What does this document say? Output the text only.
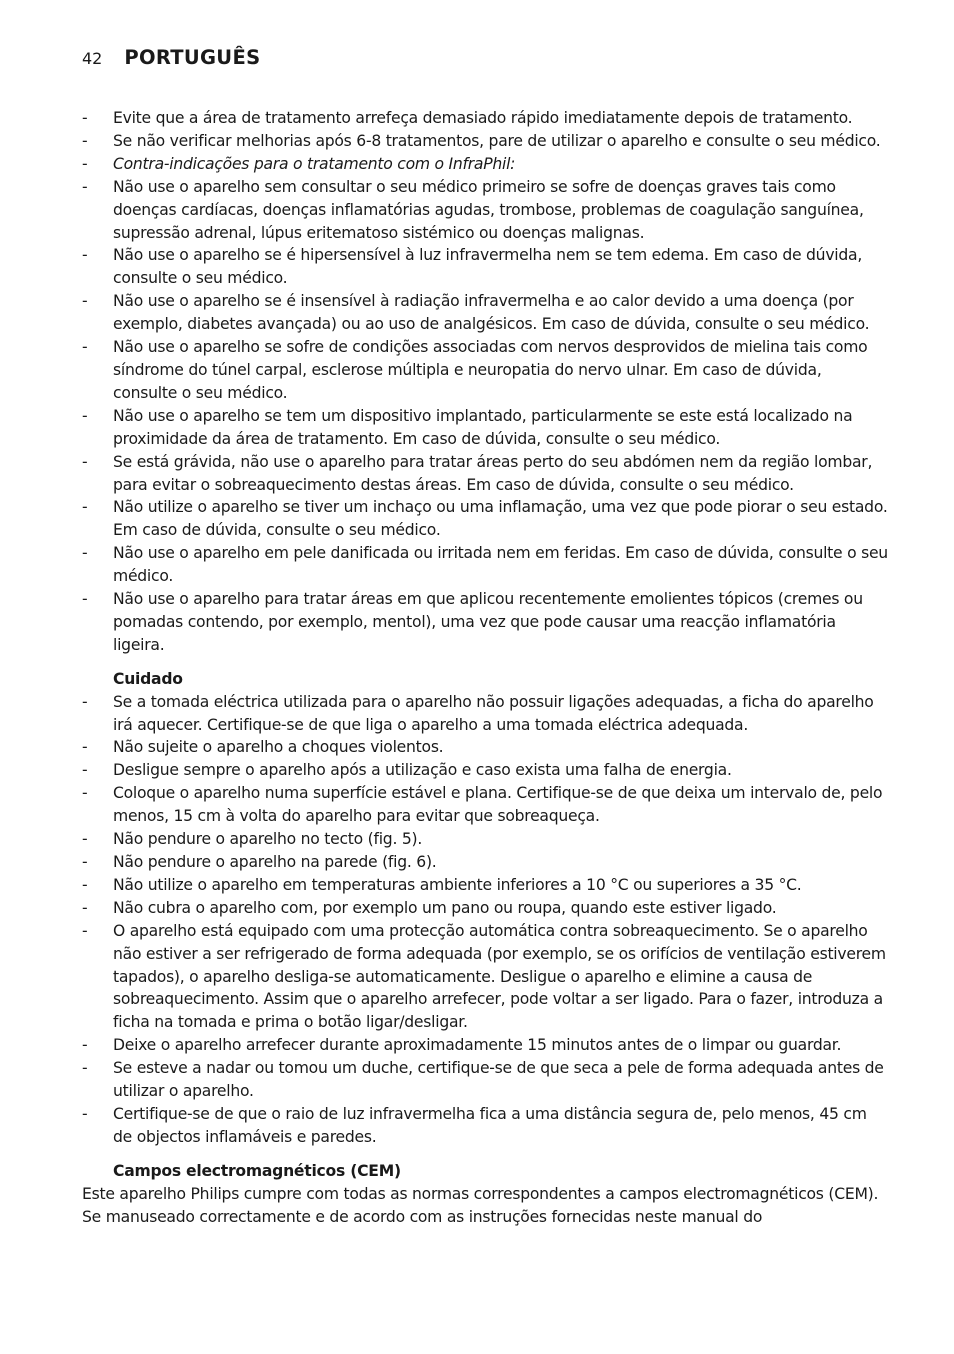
42 PORTUGUÊS
- Evite que a área de tratamento arrefeça demasiado rápido imediatamente depois de tratamento.
- Se não verificar melhorias após 6-8 tratamentos, pare de utilizar o aparelho e consulte o seu médico.
- Contra-indicações para o tratamento com o InfraPhil:
- Não use o aparelho sem consultar o seu médico primeiro se sofre de doenças graves tais como doenças cardíacas, doenças inflamatórias agudas, trombose, problemas de coagulação sanguínea, supressão adrenal, lúpus eritematoso sistémico ou doenças malignas.
- Não use o aparelho se é hipersensível à luz infravermelha nem se tem edema. Em caso de dúvida, consulte o seu médico.
- Não use o aparelho se é insensível à radiação infravermelha e ao calor devido a uma doença (por exemplo, diabetes avançada) ou ao uso de analgésicos. Em caso de dúvida, consulte o seu médico.
- Não use o aparelho se sofre de condições associadas com nervos desprovidos de mielina tais como síndrome do túnel carpal, esclerose múltipla e neuropatia do nervo ulnar. Em caso de dúvida, consulte o seu médico.
- Não use o aparelho se tem um dispositivo implantado, particularmente se este está localizado na proximidade da área de tratamento. Em caso de dúvida, consulte o seu médico.
- Se está grávida, não use o aparelho para tratar áreas perto do seu abdómen nem da região lombar, para evitar o sobreaquecimento destas áreas. Em caso de dúvida, consulte o seu médico.
- Não utilize o aparelho se tiver um inchaço ou uma inflamação, uma vez que pode piorar o seu estado. Em caso de dúvida, consulte o seu médico.
- Não use o aparelho em pele danificada ou irritada nem em feridas. Em caso de dúvida, consulte o seu médico.
- Não use o aparelho para tratar áreas em que aplicou recentemente emolientes tópicos (cremes ou pomadas contendo, por exemplo, mentol), uma vez que pode causar uma reacção inflamatória ligeira.
Cuidado
- Se a tomada eléctrica utilizada para o aparelho não possuir ligações adequadas, a ficha do aparelho irá aquecer. Certifique-se de que liga o aparelho a uma tomada eléctrica adequada.
- Não sujeite o aparelho a choques violentos.
- Desligue sempre o aparelho após a utilização e caso exista uma falha de energia.
- Coloque o aparelho numa superfície estável e plana. Certifique-se de que deixa um intervalo de, pelo menos, 15 cm à volta do aparelho para evitar que sobreaqueça.
- Não pendure o aparelho no tecto (fig. 5).
- Não pendure o aparelho na parede (fig. 6).
- Não utilize o aparelho em temperaturas ambiente inferiores a 10 °C ou superiores a 35 °C.
- Não cubra o aparelho com, por exemplo um pano ou roupa, quando este estiver ligado.
- O aparelho está equipado com uma protecção automática contra sobreaquecimento. Se o aparelho não estiver a ser refrigerado de forma adequada (por exemplo, se os orifícios de ventilação estiverem tapados), o aparelho desliga-se automaticamente. Desligue o aparelho e elimine a causa de sobreaquecimento. Assim que o aparelho arrefecer, pode voltar a ser ligado. Para o fazer, introduza a ficha na tomada e prima o botão ligar/desligar.
- Deixe o aparelho arrefecer durante aproximadamente 15 minutos antes de o limpar ou guardar.
- Se esteve a nadar ou tomou um duche, certifique-se de que seca a pele de forma adequada antes de utilizar o aparelho.
- Certifique-se de que o raio de luz infravermelha fica a uma distância segura de, pelo menos, 45 cm de objectos inflamáveis e paredes.
Campos electromagnéticos (CEM)

Este aparelho Philips cumpre com todas as normas correspondentes a campos electromagnéticos (CEM). Se manuseado correctamente e de acordo com as instruções fornecidas neste manual do
